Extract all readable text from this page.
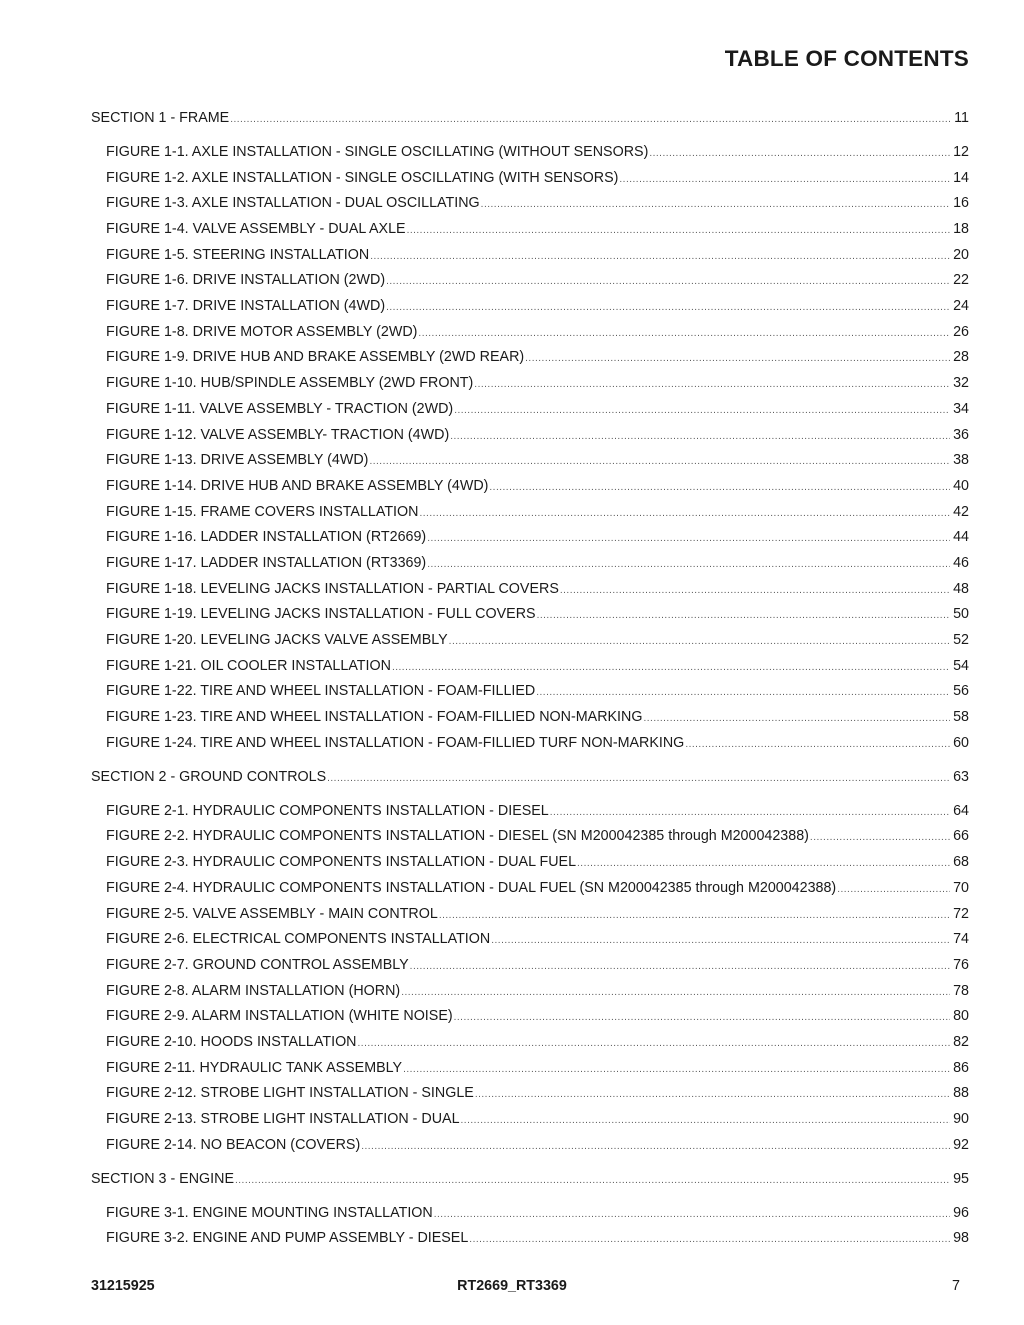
TABLE OF CONTENTS
SECTION 1 - FRAME .....	11
FIGURE 1-1. AXLE INSTALLATION - SINGLE OSCILLATING (WITHOUT SENSORS) .....	12
FIGURE 1-2. AXLE INSTALLATION - SINGLE OSCILLATING (WITH SENSORS) .....	14
FIGURE 1-3. AXLE INSTALLATION - DUAL OSCILLATING .....	16
FIGURE 1-4. VALVE ASSEMBLY - DUAL AXLE .....	18
FIGURE 1-5. STEERING INSTALLATION .....	20
FIGURE 1-6. DRIVE INSTALLATION (2WD) .....	22
FIGURE 1-7. DRIVE INSTALLATION (4WD) .....	24
FIGURE 1-8. DRIVE MOTOR ASSEMBLY (2WD) .....	26
FIGURE 1-9. DRIVE HUB AND BRAKE ASSEMBLY (2WD REAR) .....	28
FIGURE 1-10. HUB/SPINDLE ASSEMBLY (2WD FRONT) .....	32
FIGURE 1-11. VALVE ASSEMBLY - TRACTION (2WD) .....	34
FIGURE 1-12. VALVE ASSEMBLY- TRACTION (4WD) .....	36
FIGURE 1-13. DRIVE ASSEMBLY (4WD) .....	38
FIGURE 1-14. DRIVE HUB AND BRAKE ASSEMBLY (4WD) .....	40
FIGURE 1-15. FRAME COVERS INSTALLATION .....	42
FIGURE 1-16. LADDER INSTALLATION (RT2669) .....	44
FIGURE 1-17. LADDER INSTALLATION (RT3369) .....	46
FIGURE 1-18. LEVELING JACKS INSTALLATION - PARTIAL COVERS .....	48
FIGURE 1-19. LEVELING JACKS INSTALLATION - FULL COVERS .....	50
FIGURE 1-20. LEVELING JACKS VALVE ASSEMBLY .....	52
FIGURE 1-21. OIL COOLER INSTALLATION .....	54
FIGURE 1-22. TIRE AND WHEEL INSTALLATION - FOAM-FILLIED .....	56
FIGURE 1-23. TIRE AND WHEEL INSTALLATION - FOAM-FILLIED NON-MARKING .....	58
FIGURE 1-24. TIRE AND WHEEL INSTALLATION - FOAM-FILLIED TURF NON-MARKING .....	60
SECTION 2 - GROUND CONTROLS .....	63
FIGURE 2-1. HYDRAULIC COMPONENTS INSTALLATION - DIESEL .....	64
FIGURE 2-2. HYDRAULIC COMPONENTS INSTALLATION - DIESEL (SN M200042385 through M200042388) .....	66
FIGURE 2-3. HYDRAULIC COMPONENTS INSTALLATION - DUAL FUEL .....	68
FIGURE 2-4. HYDRAULIC COMPONENTS INSTALLATION - DUAL FUEL (SN M200042385 through M200042388) .....	70
FIGURE 2-5. VALVE ASSEMBLY - MAIN CONTROL .....	72
FIGURE 2-6. ELECTRICAL COMPONENTS INSTALLATION .....	74
FIGURE 2-7. GROUND CONTROL ASSEMBLY .....	76
FIGURE 2-8. ALARM INSTALLATION (HORN) .....	78
FIGURE 2-9. ALARM INSTALLATION (WHITE NOISE) .....	80
FIGURE 2-10. HOODS INSTALLATION .....	82
FIGURE 2-11. HYDRAULIC TANK ASSEMBLY .....	86
FIGURE 2-12. STROBE LIGHT INSTALLATION - SINGLE .....	88
FIGURE 2-13. STROBE LIGHT INSTALLATION - DUAL .....	90
FIGURE 2-14. NO BEACON (COVERS) .....	92
SECTION 3 - ENGINE .....	95
FIGURE 3-1. ENGINE MOUNTING INSTALLATION .....	96
FIGURE 3-2. ENGINE AND PUMP ASSEMBLY - DIESEL .....	98
31215925	RT2669_RT3369	7
